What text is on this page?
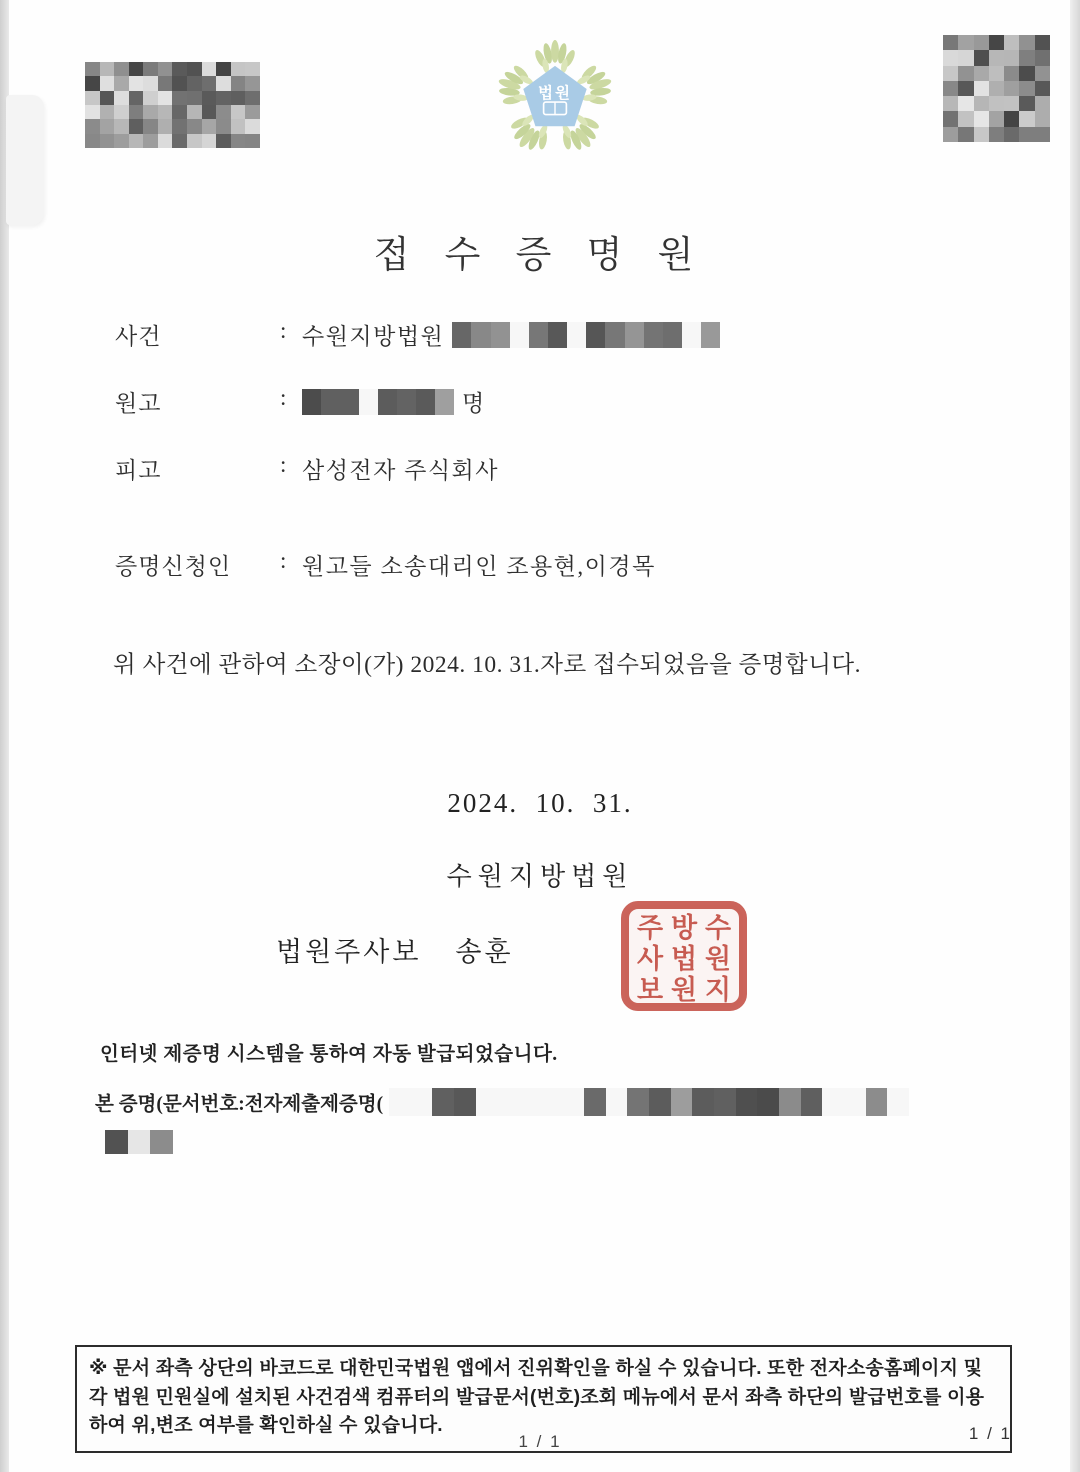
법원
접 수 증 명 원
사건	: 수원지방법원
원고	:	명
피고	: 삼성전자 주식회사
증명신청인 : 원고들 소송대리인 조용현,이경목
위 사건에 관하여 소장이(가) 2024. 10. 31.자로 접수되었음을 증명합니다.
2024.  10.  31.
수원지방법원
법원주사보 송훈
수
원
지
방
법
원
주
사
보
인터넷 제증명 시스템을 통하여 자동 발급되었습니다.
본 증명(문서번호:전자제출제증명(
※ 문서 좌측 상단의 바코드로 대한민국법원 앱에서 진위확인을 하실 수 있습니다. 또한 전자소송홈페이지 및 각 법원 민원실에 설치된 사건검색 컴퓨터의 발급문서(번호)조회 메뉴에서 문서 좌측 하단의 발급번호를 이용하여 위,변조 여부를 확인하실 수 있습니다.
1 / 1	1 / 1
